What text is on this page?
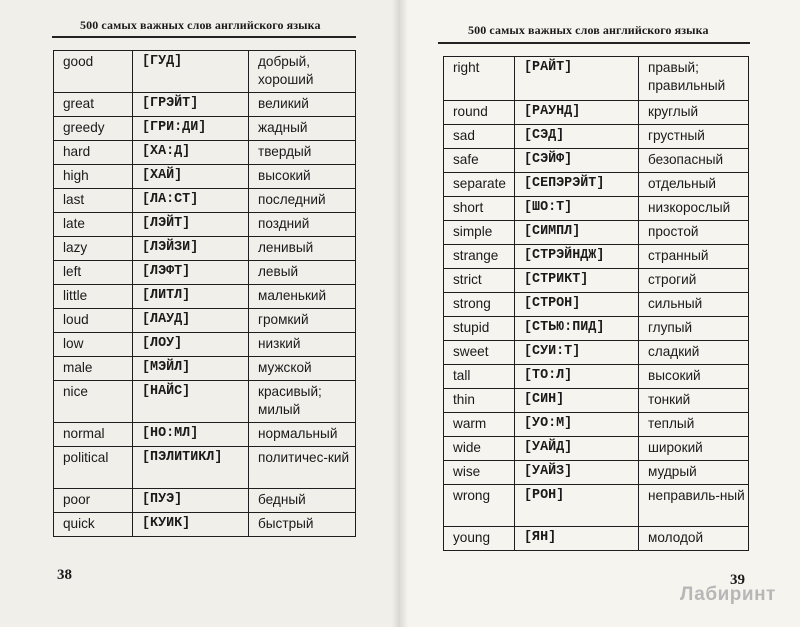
500 самых важных слов английского языка
good	[ГУД]	добрый, хороший
great	[ГРЭЙТ]	великий
greedy	[ГРИ:ДИ]	жадный
hard	[ХА:Д]	твердый
high	[ХАЙ]	высокий
last	[ЛА:СТ]	последний
late	[ЛЭЙТ]	поздний
lazy	[ЛЭЙЗИ]	ленивый
left	[ЛЭФТ]	левый
little	[ЛИТЛ]	маленький
loud	[ЛАУД]	громкий
low	[ЛОУ]	низкий
male	[МЭЙЛ]	мужской
nice	[НАЙС]	красивый; милый
normal	[НО:МЛ]	нормальный
political	[ПЭЛИТИКЛ]	политичес-кий
poor	[ПУЭ]	бедный
quick	[КУИК]	быстрый
38
500 самых важных слов английского языка
right	[РАЙТ]	правый; правильный
round	[РАУНД]	круглый
sad	[СЭД]	грустный
safe	[СЭЙФ]	безопасный
separate	[СЕПЭРЭЙТ]	отдельный
short	[ШО:Т]	низкорослый
simple	[СИМПЛ]	простой
strange	[СТРЭЙНДЖ]	странный
strict	[СТРИКТ]	строгий
strong	[СТРОН]	сильный
stupid	[СТЬЮ:ПИД]	глупый
sweet	[СУИ:Т]	сладкий
tall	[ТО:Л]	высокий
thin	[СИН]	тонкий
warm	[УО:М]	теплый
wide	[УАЙД]	широкий
wise	[УАЙЗ]	мудрый
wrong	[РОН]	неправиль-ный
young	[ЯН]	молодой
39
Лабиринт
